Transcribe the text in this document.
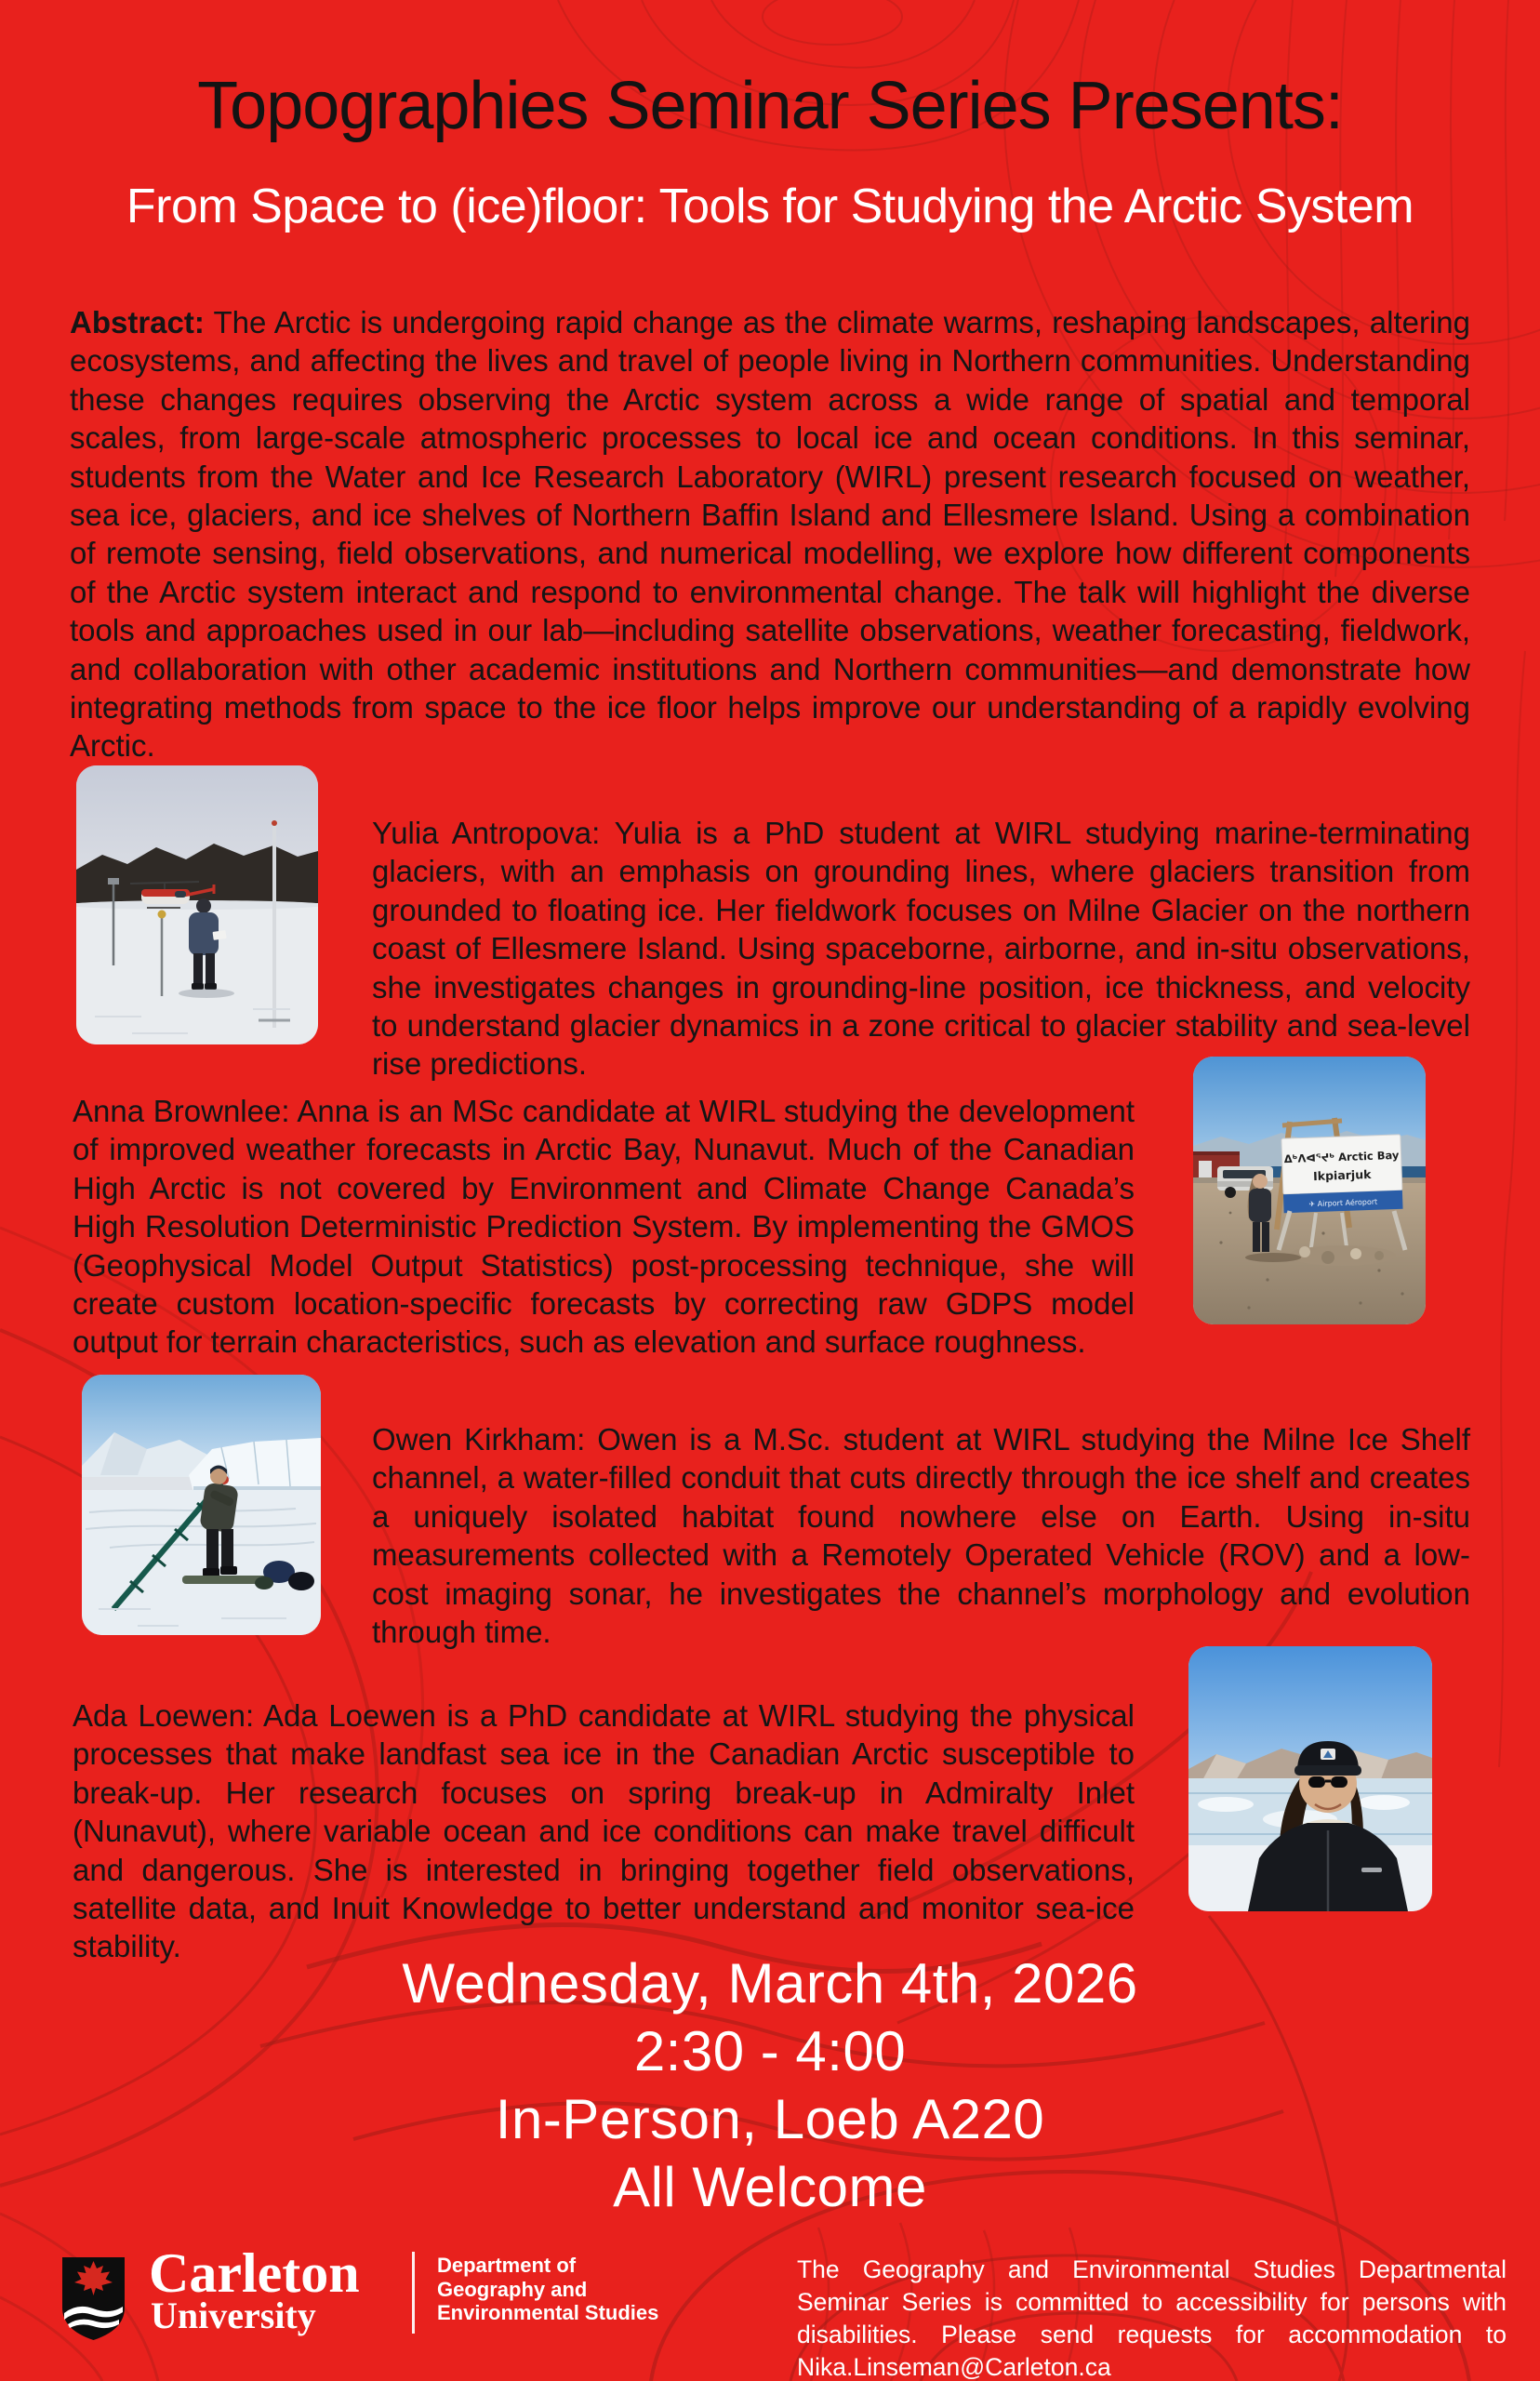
Topographies Seminar Series Presents:
From Space to (ice)floor: Tools for Studying the Arctic System

Abstract: The Arctic is undergoing rapid change as the climate warms, reshaping landscapes, altering ecosystems, and affecting the lives and travel of people living in Northern communities. Understanding these changes requires observing the Arctic system across a wide range of spatial and temporal scales, from large-scale atmospheric processes to local ice and ocean conditions. In this seminar, students from the Water and Ice Research Laboratory (WIRL) present research focused on weather, sea ice, glaciers, and ice shelves of Northern Baffin Island and Ellesmere Island. Using a combination of remote sensing, field observations, and numerical modelling, we explore how different components of the Arctic system interact and respond to environmental change. The talk will highlight the diverse tools and approaches used in our lab—including satellite observations, weather forecasting, fieldwork, and collaboration with other academic institutions and Northern communities—and demonstrate how integrating methods from space to the ice floor helps improve our understanding of a rapidly evolving Arctic.

Yulia Antropova: Yulia is a PhD student at WIRL studying marine-terminating glaciers, with an emphasis on grounding lines, where glaciers transition from grounded to floating ice. Her fieldwork focuses on Milne Glacier on the northern coast of Ellesmere Island. Using spaceborne, airborne, and in-situ observations, she investigates changes in grounding-line position, ice thickness, and velocity to understand glacier dynamics in a zone critical to glacier stability and sea-level rise predictions.

Anna Brownlee: Anna is an MSc candidate at WIRL studying the development of improved weather forecasts in Arctic Bay, Nunavut. Much of the Canadian High Arctic is not covered by Environment and Climate Change Canada’s High Resolution Deterministic Prediction System. By implementing the GMOS (Geophysical Model Output Statistics) post-processing technique, she will create custom location-specific forecasts by correcting raw GDPS model output for terrain characteristics, such as elevation and surface roughness.

ᐃᒃᐱᐊᕐᔪᒃ Arctic Bay
Ikpiarjuk
✈ Airport Aéroport

Owen Kirkham: Owen is a M.Sc. student at WIRL studying the Milne Ice Shelf channel, a water-filled conduit that cuts directly through the ice shelf and creates a uniquely isolated habitat found nowhere else on Earth. Using in-situ measurements collected with a Remotely Operated Vehicle (ROV) and a low-cost imaging sonar, he investigates the channel’s morphology and evolution through time.

Ada Loewen: Ada Loewen is a PhD candidate at WIRL studying the physical processes that make landfast sea ice in the Canadian Arctic susceptible to break-up. Her research focuses on spring break-up in Admiralty Inlet (Nunavut), where variable ocean and ice conditions can make travel difficult and dangerous. She is interested in bringing together field observations, satellite data, and Inuit Knowledge to better understand and monitor sea-ice stability.

Wednesday, March 4th, 2026
2:30 - 4:00
In-Person, Loeb A220
All Welcome
Carleton
University
Department of
Geography and
Environmental Studies
The Geography and Environmental Studies Departmental Seminar Series is committed to accessibility for persons with disabilities. Please send requests for accommodation to Nika.Linseman@Carleton.ca
